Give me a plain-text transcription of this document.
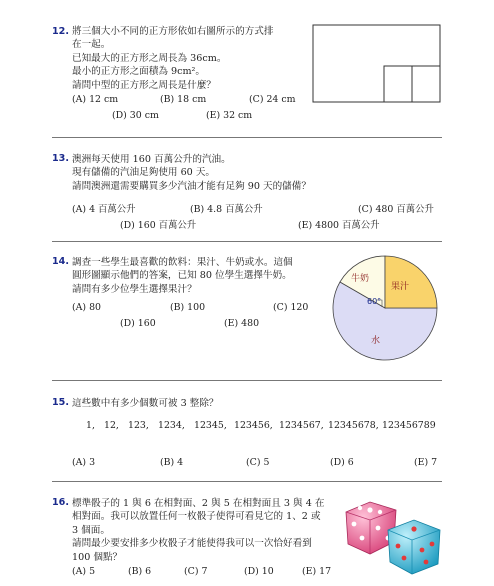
12. 將三個大小不同的正方形依如右圖所示的方式排
在一起。
已知最大的正方形之周長為 36cm。
最小的正方形之面積為 9cm²。
請問中型的正方形之周長是什麼？
(A) 12 cm	(B) 18 cm	(C) 24 cm
(D) 30 cm	(E) 32 cm
13. 澳洲每天使用 160 百萬公升的汽油。
現有儲備的汽油足夠使用 60 天。
請問澳洲還需要購買多少汽油才能有足夠 90 天的儲備？
(A) 4 百萬公升	(B) 4.8 百萬公升	(C) 480 百萬公升
(D) 160 百萬公升	(E) 4800 百萬公升
14. 調查一些學生最喜歡的飲料：果汁、牛奶或水。這個
圓形圖顯示他們的答案，已知 80 位學生選擇牛奶。
請問有多少位學生選擇果汁？
(A) 80	(B) 100	(C) 120
(D) 160	(E) 480
牛奶
果汁
60°
水
15. 這些數中有多少個數可被 3 整除？
1, 12, 123, 1234, 12345, 123456, 1234567, 12345678, 123456789
(A) 3	(B) 4	(C) 5	(D) 6	(E) 7
16. 標準骰子的 1 與 6 在相對面、2 與 5 在相對面且 3 與 4 在
相對面。我可以放置任何一枚骰子使得可看見它的 1、2 或
3 個面。
請問最少要安排多少枚骰子才能使得我可以一次恰好看到
100 個點？
(A) 5	(B) 6	(C) 7	(D) 10	(E) 17
